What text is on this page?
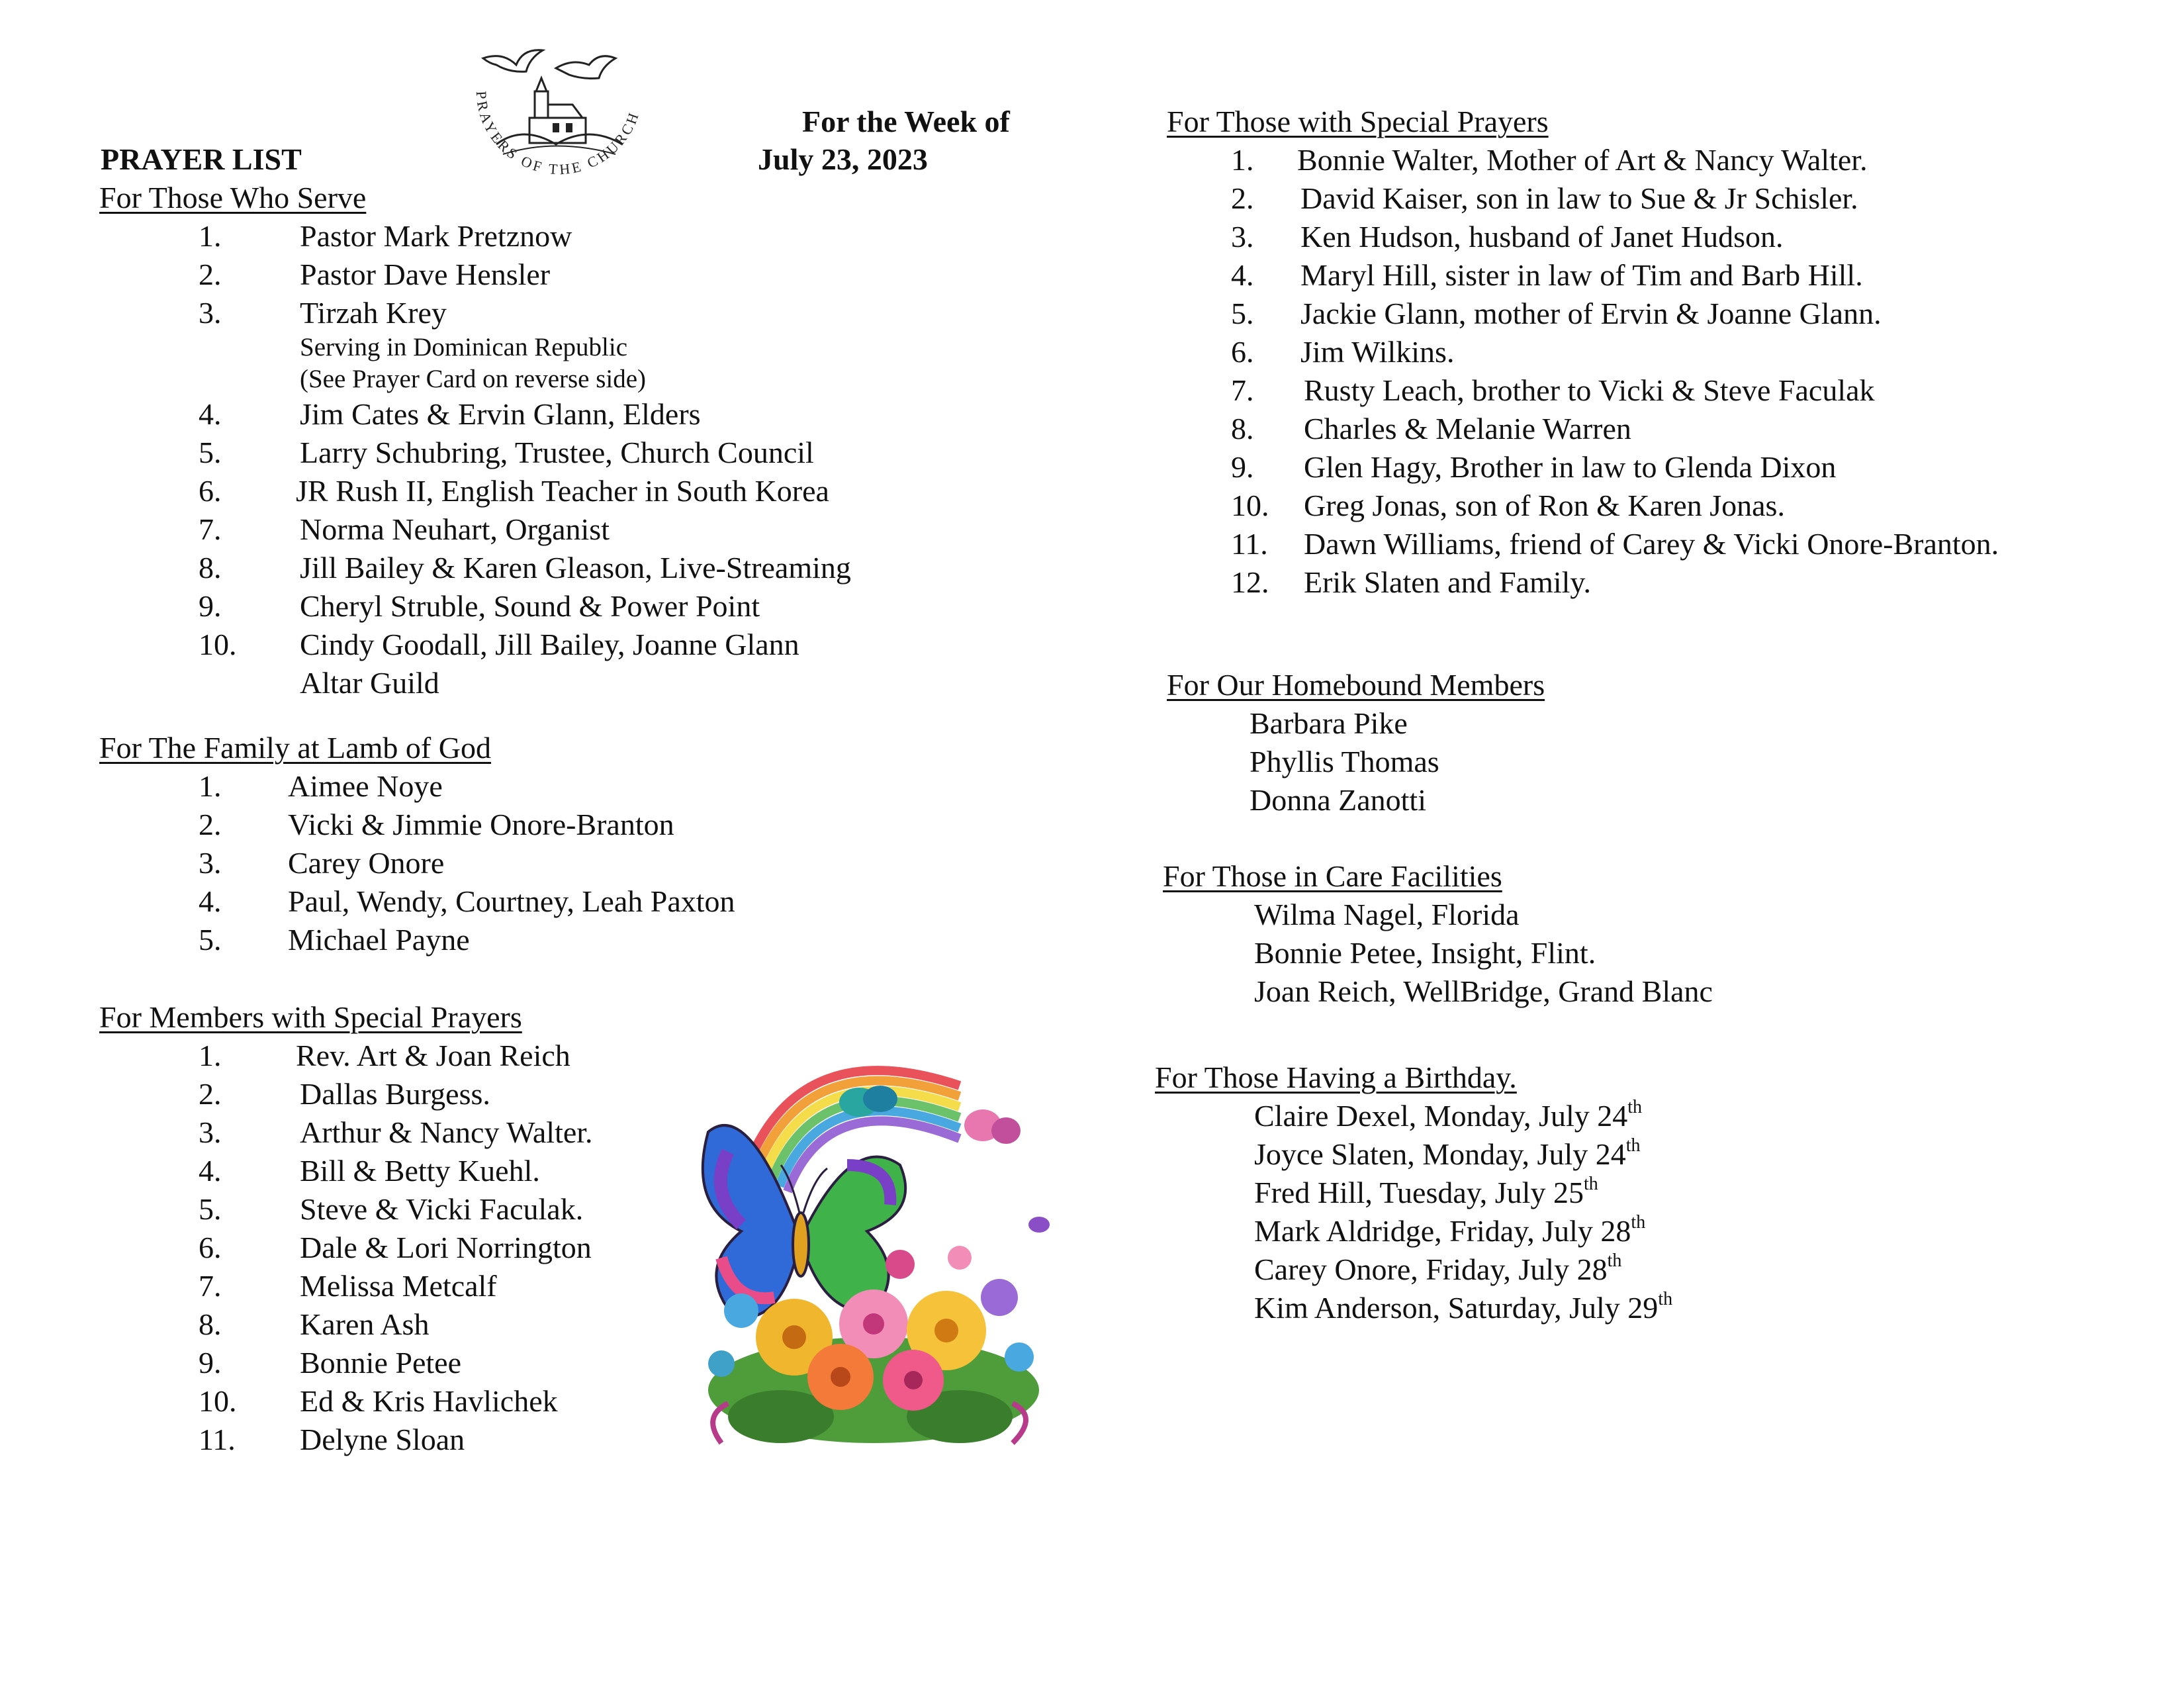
PRAYER LIST
For the Week of
July 23, 2023
PRAYERS OF THE CHURCH
For Those Who Serve
1.	Pastor Mark Pretznow
2.	Pastor Dave Hensler
3.	Tirzah Krey
Serving in Dominican Republic
(See Prayer Card on reverse side)
4.	Jim Cates & Ervin Glann, Elders
5.	Larry Schubring, Trustee, Church Council
6. JR Rush II, English Teacher in South Korea
7.	Norma Neuhart, Organist
8.	Jill Bailey & Karen Gleason, Live-Streaming
9.	Cheryl Struble, Sound & Power Point
10. Cindy Goodall, Jill Bailey, Joanne Glann
Altar Guild
For The Family at Lamb of God
1. Aimee Noye
2. Vicki & Jimmie Onore-Branton
3. Carey Onore
4. Paul, Wendy, Courtney, Leah Paxton
5. Michael Payne
For Members with Special Prayers
1. Rev. Art & Joan Reich
2.	Dallas Burgess.
3.	Arthur & Nancy Walter.
4.	Bill & Betty Kuehl.
5.	Steve & Vicki Faculak.
6.	Dale & Lori Norrington
7.	Melissa Metcalf
8.	Karen Ash
9.	Bonnie Petee
10. Ed & Kris Havlichek
11. Delyne Sloan
For Those with Special Prayers
1. Bonnie Walter, Mother of Art & Nancy Walter.
2. David Kaiser, son in law to Sue & Jr Schisler.
3. Ken Hudson, husband of Janet Hudson.
4. Maryl Hill, sister in law of Tim and Barb Hill.
5. Jackie Glann, mother of Ervin & Joanne Glann.
6. Jim Wilkins.
7. Rusty Leach, brother to Vicki & Steve Faculak
8. Charles & Melanie Warren
9. Glen Hagy, Brother in law to Glenda Dixon
10. Greg Jonas, son of Ron & Karen Jonas.
11. Dawn Williams, friend of Carey & Vicki Onore-Branton.
12. Erik Slaten and Family.
For Our Homebound Members
Barbara Pike
Phyllis Thomas
Donna Zanotti
For Those in Care Facilities
Wilma Nagel, Florida
Bonnie Petee, Insight, Flint.
Joan Reich, WellBridge, Grand Blanc
For Those Having a Birthday.
Claire Dexel, Monday, July 24th
Joyce Slaten, Monday, July 24th
Fred Hill, Tuesday, July 25th
Mark Aldridge, Friday, July 28th
Carey Onore, Friday, July 28th
Kim Anderson, Saturday, July 29th
